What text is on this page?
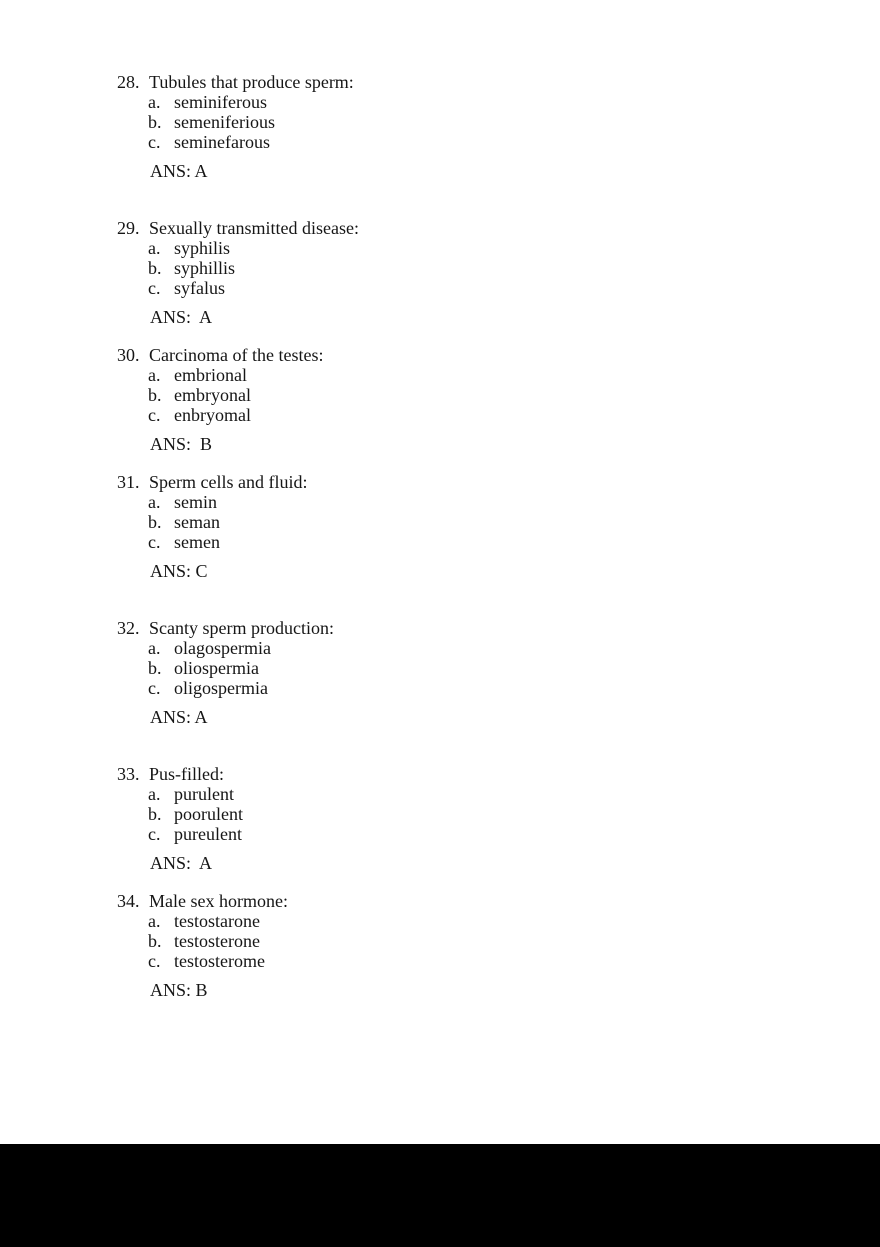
28. Tubules that produce sperm:
a. seminiferous
b. semeniferious
c. seminefarous
ANS: A
29. Sexually transmitted disease:
a. syphilis
b. syphillis
c. syfalus
ANS:  A
30. Carcinoma of the testes:
a. embrional
b. embryonal
c. enbryomal
ANS:  B
31. Sperm cells and fluid:
a. semin
b. seman
c. semen
ANS: C
32. Scanty sperm production:
a. olagospermia
b. oliospermia
c. oligospermia
ANS: A
33. Pus-filled:
a. purulent
b. poorulent
c. pureulent
ANS:  A
34. Male sex hormone:
a. testostarone
b. testosterone
c. testosterome
ANS: B
